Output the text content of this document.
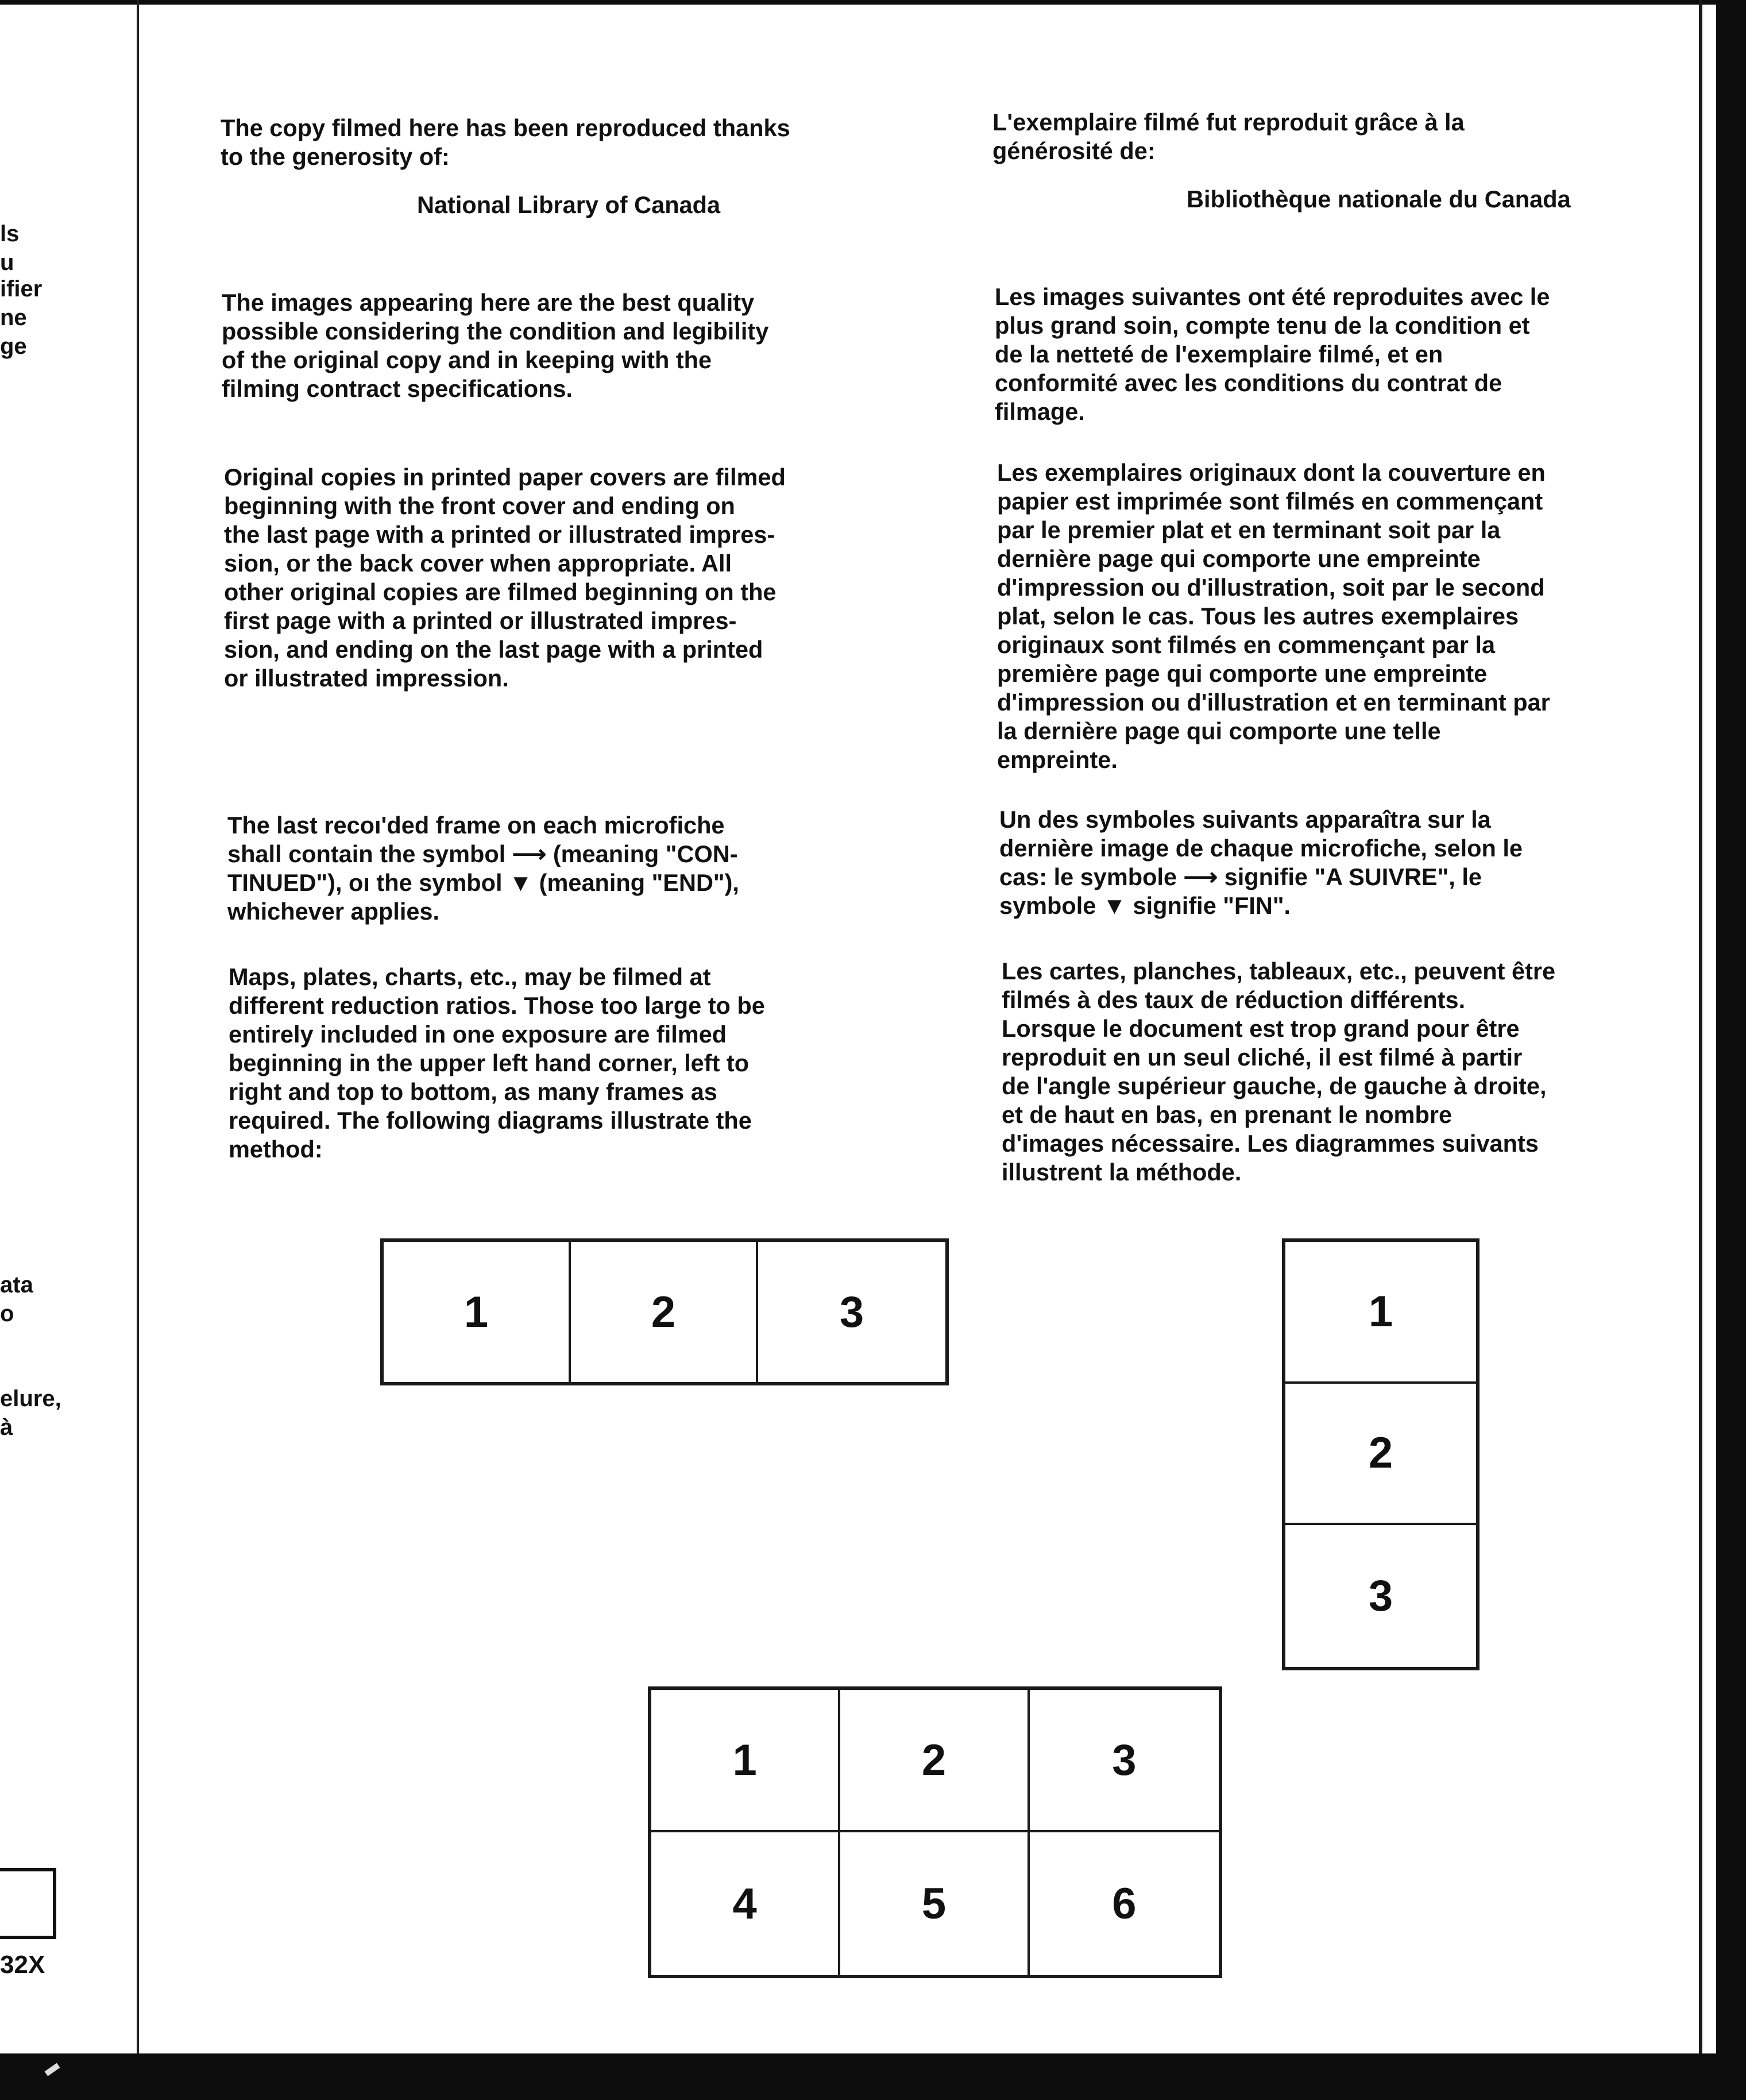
ls
u
ifier
ne
ge
ata
o
elure,
à
32X

The copy filmed here has been reproduced thanks
to the generosity of:

National Library of Canada

The images appearing here are the best quality
possible considering the condition and legibility
of the original copy and in keeping with the
filming contract specifications.

Original copies in printed paper covers are filmed
beginning with the front cover and ending on
the last page with a printed or illustrated impres-
sion, or the back cover when appropriate. All
other original copies are filmed beginning on the
first page with a printed or illustrated impres-
sion, and ending on the last page with a printed
or illustrated impression.

The last recoı'ded frame on each microfiche
shall contain the symbol ⟶ (meaning "CON-
TINUED"), oı the symbol ▼ (meaning "END"),
whichever applies.

Maps, plates, charts, etc., may be filmed at
different reduction ratios. Those too large to be
entirely included in one exposure are filmed
beginning in the upper left hand corner, left to
right and top to bottom, as many frames as
required. The following diagrams illustrate the
method:

L'exemplaire filmé fut reproduit grâce à la
générosité de:

Bibliothèque nationale du Canada

Les images suivantes ont été reproduites avec le
plus grand soin, compte tenu de la condition et
de la netteté de l'exemplaire filmé, et en
conformité avec les conditions du contrat de
filmage.

Les exemplaires originaux dont la couverture en
papier est imprimée sont filmés en commençant
par le premier plat et en terminant soit par la
dernière page qui comporte une empreinte
d'impression ou d'illustration, soit par le second
plat, selon le cas. Tous les autres exemplaires
originaux sont filmés en commençant par la
première page qui comporte une empreinte
d'impression ou d'illustration et en terminant par
la dernière page qui comporte une telle
empreinte.

Un des symboles suivants apparaîtra sur la
dernière image de chaque microfiche, selon le
cas: le symbole ⟶ signifie "A SUIVRE", le
symbole ▼ signifie "FIN".

Les cartes, planches, tableaux, etc., peuvent être
filmés à des taux de réduction différents.
Lorsque le document est trop grand pour être
reproduit en un seul cliché, il est filmé à partir
de l'angle supérieur gauche, de gauche à droite,
et de haut en bas, en prenant le nombre
d'images nécessaire. Les diagrammes suivants
illustrent la méthode.

1	2	3	1
2
3
1	2	3
4	5	6
